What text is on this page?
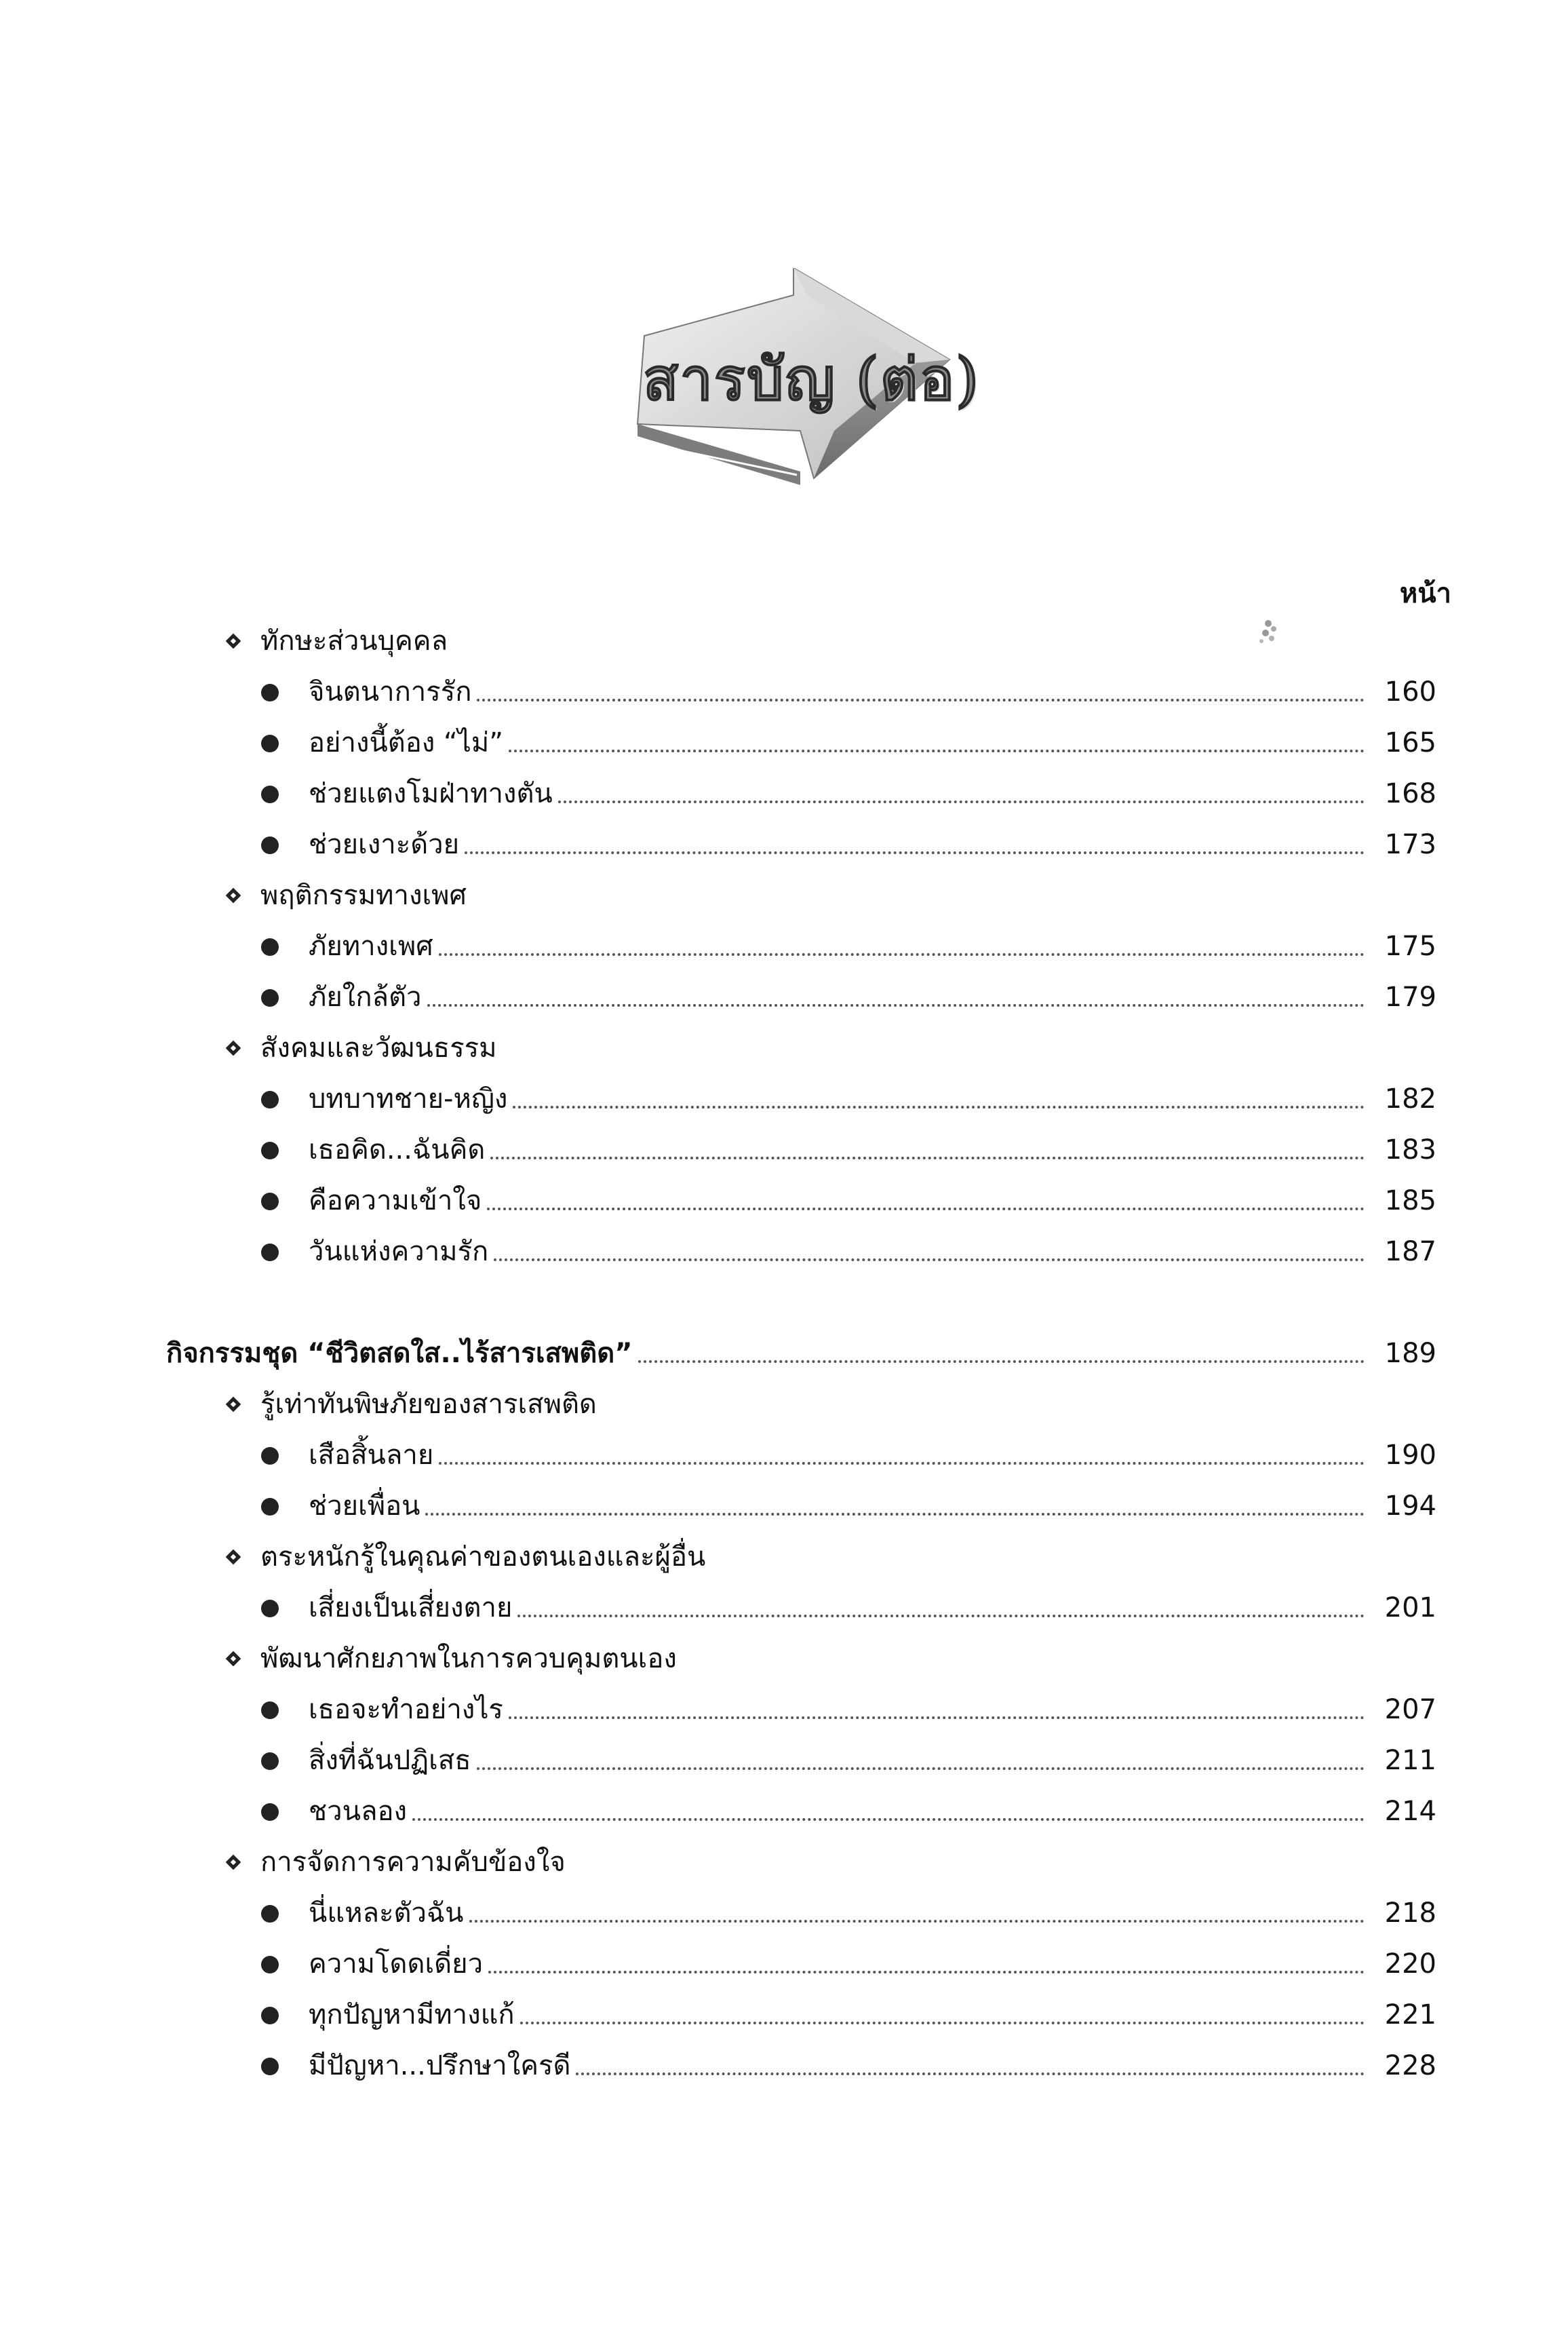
สารบัญ (ต่อ)
หน้า
ทักษะส่วนบุคคล
จินตนาการรัก	160
อย่างนี้ต้อง “ไม่”	165
ช่วยแตงโมฝ่าทางตัน	168
ช่วยเงาะด้วย	173
พฤติกรรมทางเพศ
ภัยทางเพศ	175
ภัยใกล้ตัว	179
สังคมและวัฒนธรรม
บทบาทชาย-หญิง	182
เธอคิด...ฉันคิด	183
คือความเข้าใจ	185
วันแห่งความรัก	187
กิจกรรมชุด “ชีวิตสดใส..ไร้สารเสพติด”	189
รู้เท่าทันพิษภัยของสารเสพติด
เสือสิ้นลาย	190
ช่วยเพื่อน	194
ตระหนักรู้ในคุณค่าของตนเองและผู้อื่น
เสี่ยงเป็นเสี่ยงตาย	201
พัฒนาศักยภาพในการควบคุมตนเอง
เธอจะทำอย่างไร	207
สิ่งที่ฉันปฏิเสธ	211
ชวนลอง	214
การจัดการความคับข้องใจ
นี่แหละตัวฉัน	218
ความโดดเดี่ยว	220
ทุกปัญหามีทางแก้	221
มีปัญหา...ปรึกษาใครดี	228
